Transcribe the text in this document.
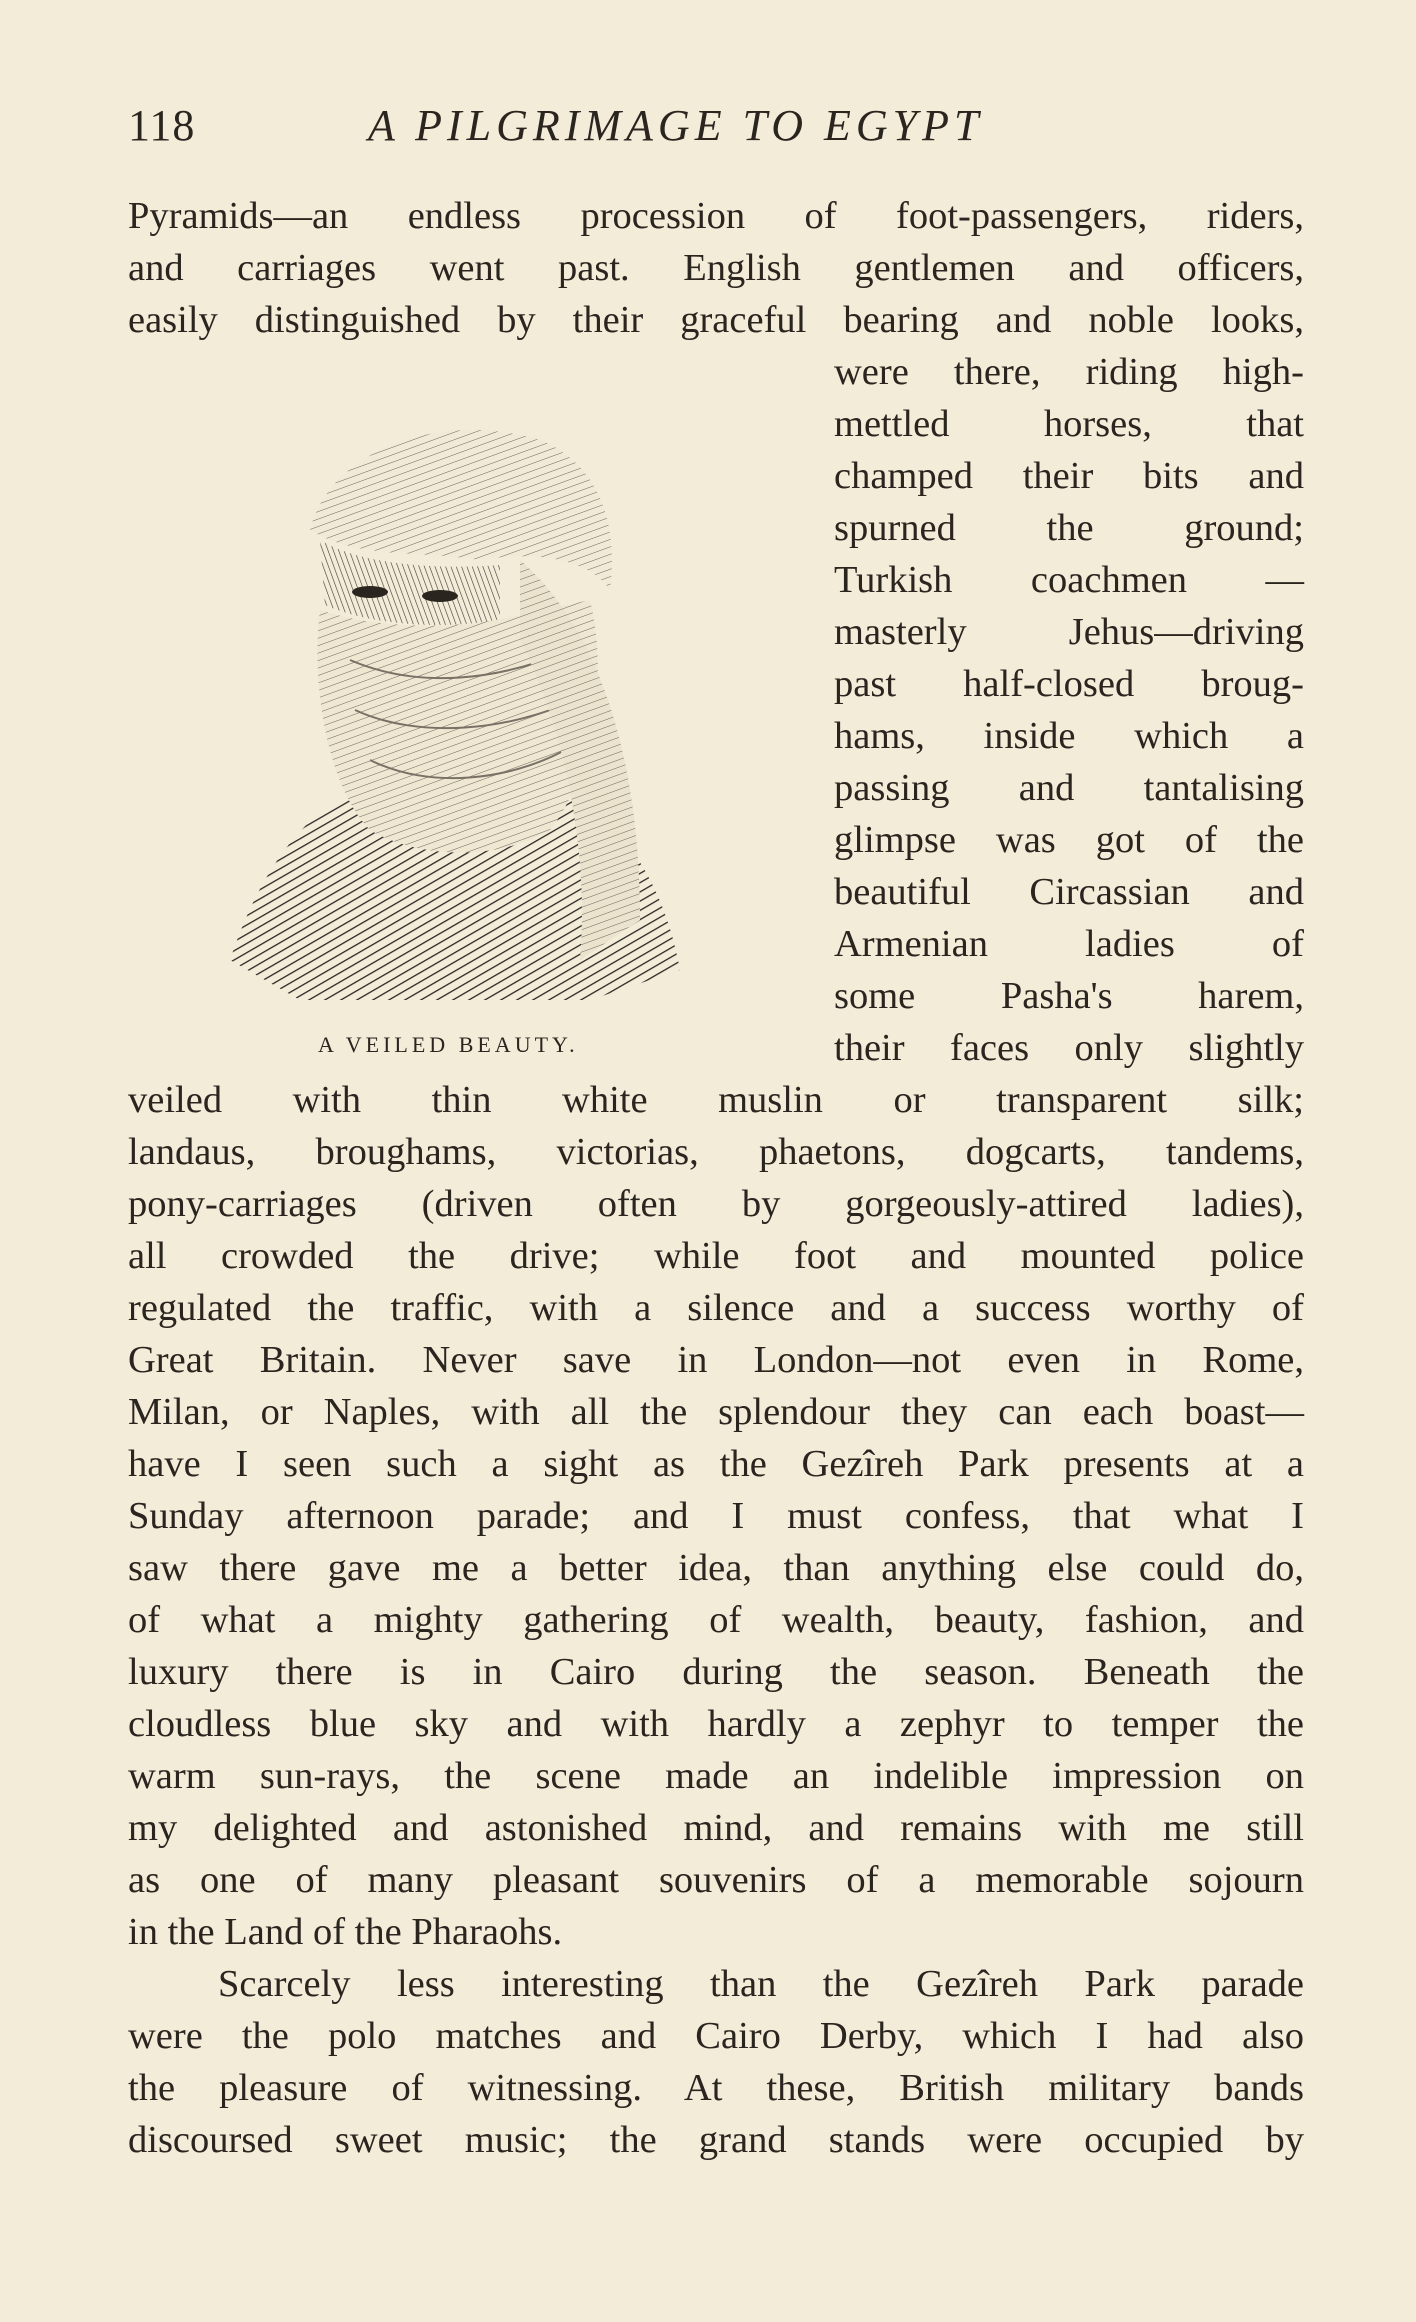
118	A PILGRIMAGE TO EGYPT
A VEILED BEAUTY.
Pyramids—an endless procession of foot-passengers, riders,
and carriages went past. English gentlemen and officers,
easily distinguished by their graceful bearing and noble looks,
were there, riding high-
mettled horses, that
champed their bits and
spurned the ground;
Turkish coachmen —
masterly Jehus—driving
past half-closed broug-
hams, inside which a
passing and tantalising
glimpse was got of the
beautiful Circassian and
Armenian ladies of
some Pasha's harem,
their faces only slightly
veiled with thin white muslin or transparent silk;
landaus, broughams, victorias, phaetons, dogcarts, tandems,
pony-carriages (driven often by gorgeously-attired ladies),
all crowded the drive; while foot and mounted police
regulated the traffic, with a silence and a success worthy of
Great Britain. Never save in London—not even in Rome,
Milan, or Naples, with all the splendour they can each boast—
have I seen such a sight as the Gezîreh Park presents at a
Sunday afternoon parade; and I must confess, that what I
saw there gave me a better idea, than anything else could do,
of what a mighty gathering of wealth, beauty, fashion, and
luxury there is in Cairo during the season. Beneath the
cloudless blue sky and with hardly a zephyr to temper the
warm sun-rays, the scene made an indelible impression on
my delighted and astonished mind, and remains with me still
as one of many pleasant souvenirs of a memorable sojourn
in the Land of the Pharaohs.
Scarcely less interesting than the Gezîreh Park parade
were the polo matches and Cairo Derby, which I had also
the pleasure of witnessing. At these, British military bands
discoursed sweet music; the grand stands were occupied by
